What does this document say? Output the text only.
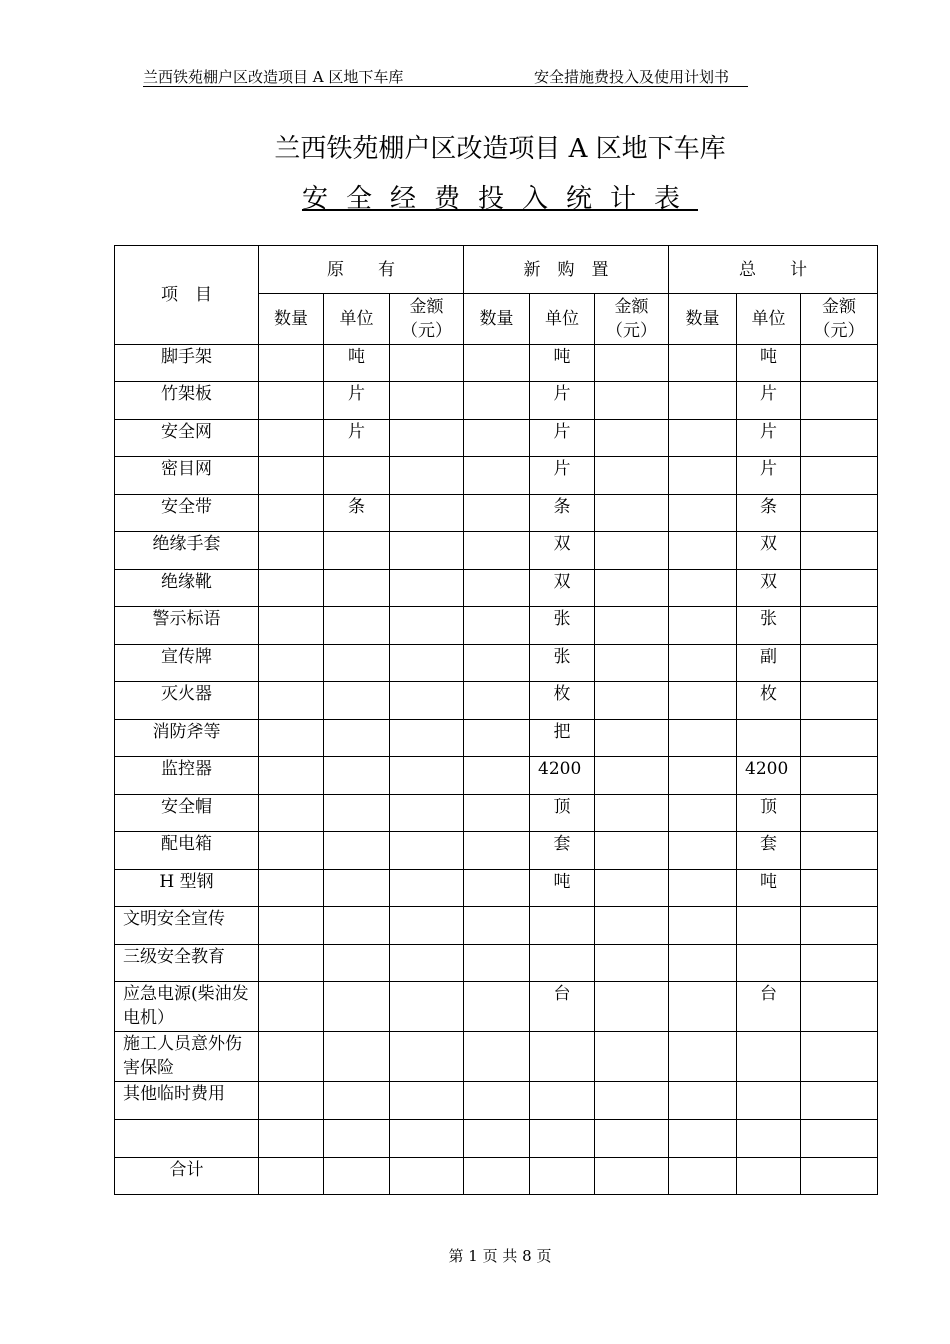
兰西铁苑棚户区改造项目 A 区地下车库	安全措施费投入及使用计划书
兰西铁苑棚户区改造项目 A 区地下车库
安全经费投入统计表
项　目	原　　有			新　购　置			总　　计		
	数量	单位	金额（元）	数量	单位	金额（元）	数量	单位	金额（元）
脚手架		吨			吨			吨	
竹架板		片			片			片	
安全网		片			片			片	
密目网					片			片	
安全带		条			条			条	
绝缘手套					双			双	
绝缘靴					双			双	
警示标语					张			张	
宣传牌					张			副	
灭火器					枚			枚	
消防斧等					把				
监控器					4200			4200	
安全帽					顶			顶	
配电箱					套			套	
H 型钢					吨			吨	
文明安全宣传									
三级安全教育									
应急电源(柴油发电机）					台			台	
施工人员意外伤害保险									
其他临时费用									

合计									
第 1 页 共 8 页
